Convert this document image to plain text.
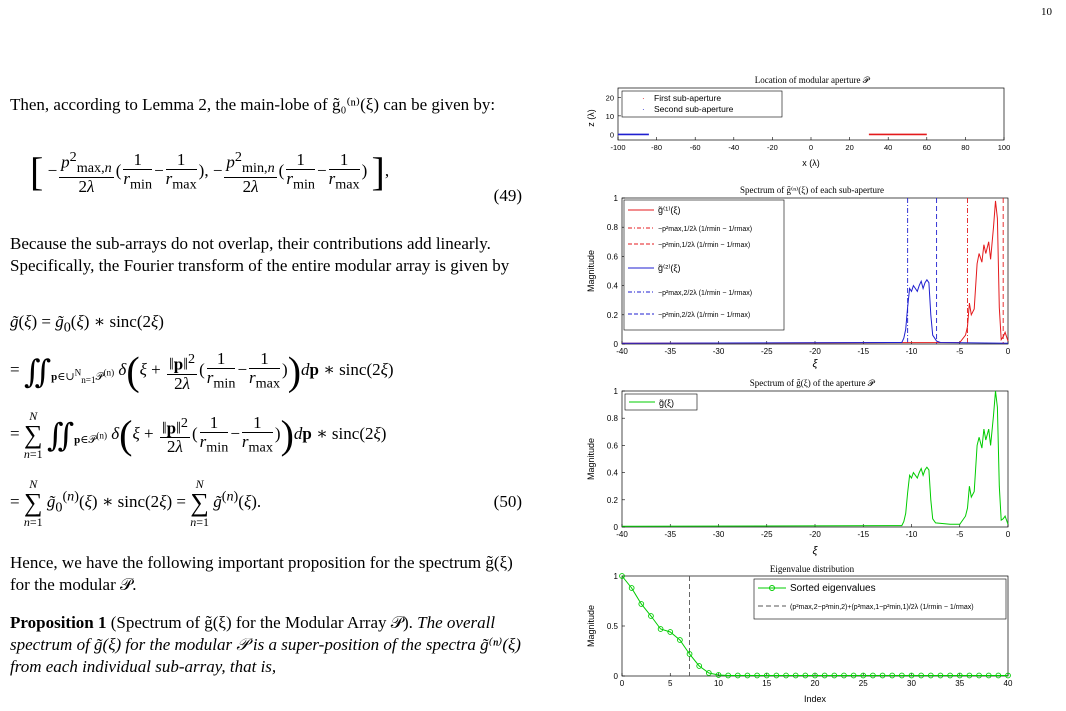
10

Then, according to Lemma 2, the main-lobe of g̃₀⁽ⁿ⁾(ξ) can be given by:

[ − $\frac{p^2_{max,n}}{2\lambda}$ ( $\frac{1}{r_{min}} - \frac{1}{r_{max}}$ ), − $\frac{p^2_{min,n}}{2\lambda}$ ( $\frac{1}{r_{min}} - \frac{1}{r_{max}}$ ) ],
(49)

Because the sub-arrays do not overlap, their contributions add linearly. Specifically, the Fourier transform of the entire modular array is given by

g̃(ξ) = $g̃_0(\xi)$ ∗ sinc(2ξ)
= $∬_{p\in\cup^N_{n=1}𝒫^{(n)}}$ $\delta(\xi + \frac{‖p‖^2}{2\lambda}$ ( $\frac{1}{r_{min}} - \frac{1}{r_{max}} ))dp$ ∗ sinc(2ξ)
= N
∑
n=1 $∬_{p\in 𝒫^{(n)}}$ $\delta(\xi + \frac{‖p‖^2}{2\lambda}$ ( $\frac{1}{r_{min}} - \frac{1}{r_{max}} ))dp$ ∗ sinc(2ξ)
= N
∑
n=1 $g̃_0^{(n)}(\xi)$ ∗ sinc(2ξ) = N
∑
n=1 g̃$^{(n)}$(ξ).	(50)

Hence, we have the following important proposition for the spectrum g̃(ξ) for the modular 𝒫.

Proposition 1 (Spectrum of g̃(ξ) for the Modular Array 𝒫). The overall spectrum of g̃(ξ) for the modular 𝒫 is a super-position of the spectra g̃⁽ⁿ⁾(ξ) from each individual sub-array, that is,

Location of modular aperture 𝒫
z (λ)
x (λ)
-100	-80	-60	-40	-20	0	20	40	60	80	100
0
10
20	· First sub-aperture
· Second sub-aperture
Spectrum of g̃⁽ⁿ⁾(ξ) of each sub-aperture
Magnitude
ξ
-40	-35	-30	-25	-20	-15	-10	-5	0
0
0.2
0.4
0.6
0.8
1
g̃⁽¹⁾(ξ)
−p²max,1/2λ (1/rmin − 1/rmax)
−p²min,1/2λ (1/rmin − 1/rmax)
g̃⁽²⁾(ξ)
−p²max,2/2λ (1/rmin − 1/rmax)
−p²min,2/2λ (1/rmin − 1/rmax)
Spectrum of g̃(ξ) of the aperture 𝒫
Magnitude
ξ
-40	-35	-30	-25	-20	-15	-10	-5	0
0
0.2
0.4
0.6
0.8
1
g̃(ξ)
Eigenvalue distribution
Magnitude
Index
0	5	10	15	20	25	30	35	40
0
0.5
1
Sorted eigenvalues
(p²max,2−p²min,2)+(p²max,1−p²min,1)/2λ (1/rmin − 1/rmax)
